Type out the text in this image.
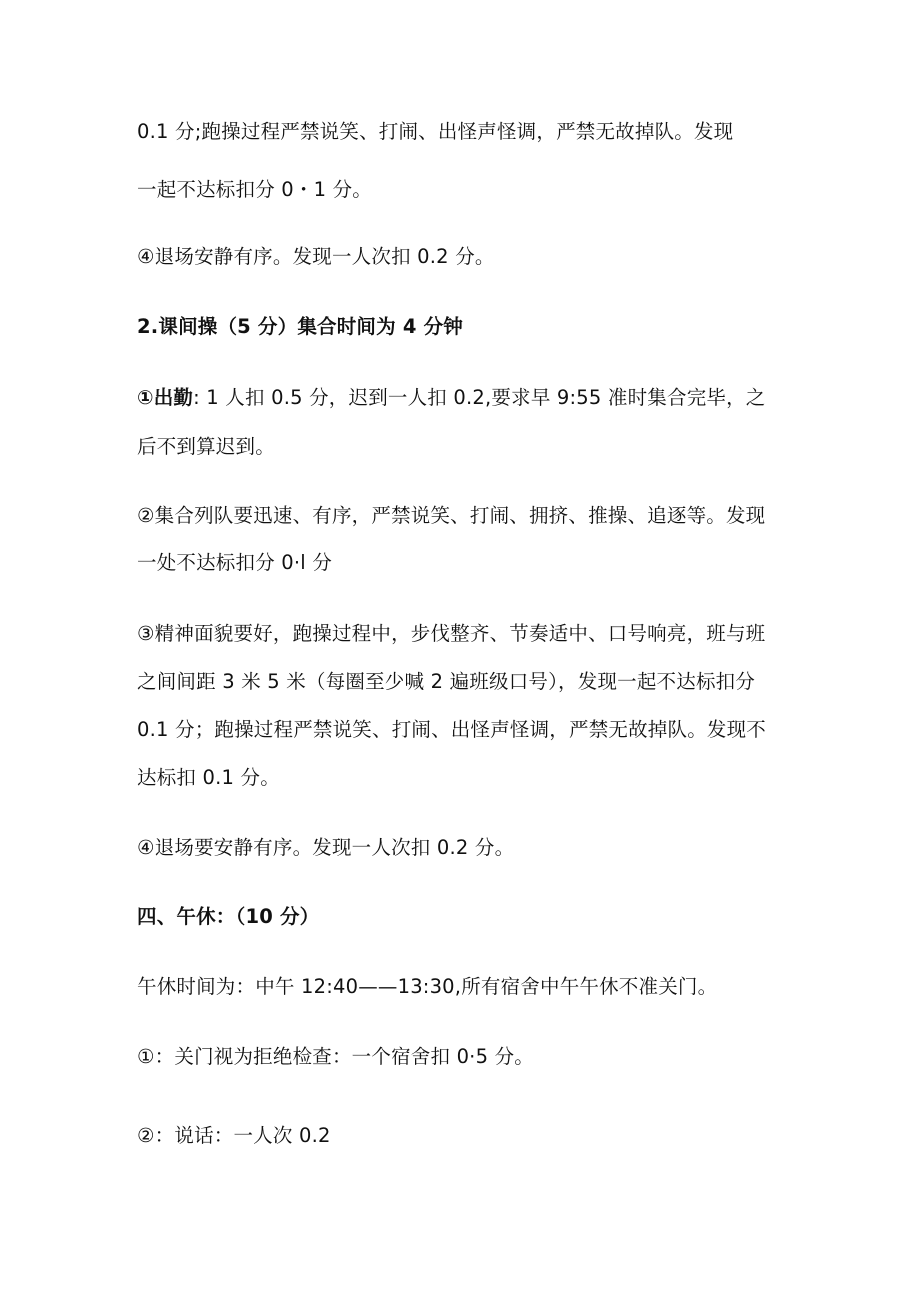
0.1 分;跑操过程严禁说笑、打闹、出怪声怪调，严禁无故掉队。发现
一起不达标扣分 0・1 分。
④退场安静有序。发现一人次扣 0.2 分。
2.课间操（5 分）集合时间为 4 分钟
①出勤: 1 人扣 0.5 分，迟到一人扣 0.2,要求早 9:55 准时集合完毕，之
后不到算迟到。
②集合列队要迅速、有序，严禁说笑、打闹、拥挤、推操、追逐等。发现
一处不达标扣分 0·l 分
③精神面貌要好，跑操过程中，步伐整齐、节奏适中、口号响亮，班与班
之间间距 3 米 5 米（每圈至少喊 2 遍班级口号），发现一起不达标扣分
0.1 分；跑操过程严禁说笑、打闹、出怪声怪调，严禁无故掉队。发现不
达标扣 0.1 分。
④退场要安静有序。发现一人次扣 0.2 分。
四、午休：（10 分）
午休时间为：中午 12:40——13:30,所有宿舍中午午休不准关门。
①：关门视为拒绝检查：一个宿舍扣 0·5 分。
②：说话：一人次 0.2
